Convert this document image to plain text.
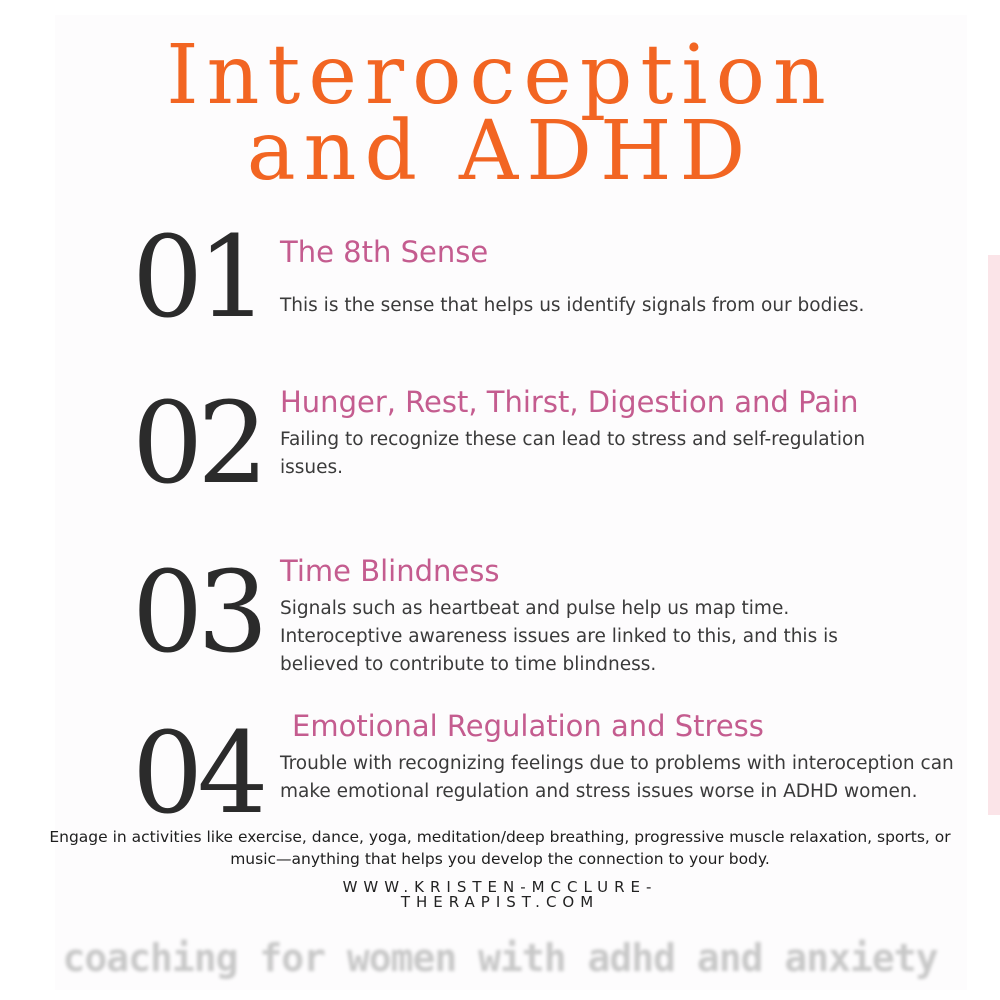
Interoception
and ADHD
01 The 8th Sense
This is the sense that helps us identify signals from our bodies.
02 Hunger, Rest, Thirst, Digestion and Pain
Failing to recognize these can lead to stress and self-regulation issues.
03 Time Blindness
Signals such as heartbeat and pulse help us map time. Interoceptive awareness issues are linked to this, and this is believed to contribute to time blindness.
04 Emotional Regulation and Stress
Trouble with recognizing feelings due to problems with interoception can make emotional regulation and stress issues worse in ADHD women.
Engage in activities like exercise, dance, yoga, meditation/deep breathing, progressive muscle relaxation, sports, or music—anything that helps you develop the connection to your body.
WWW.KRISTEN-MCCLURE-THERAPIST.COM
coaching for women with adhd and anxiety
